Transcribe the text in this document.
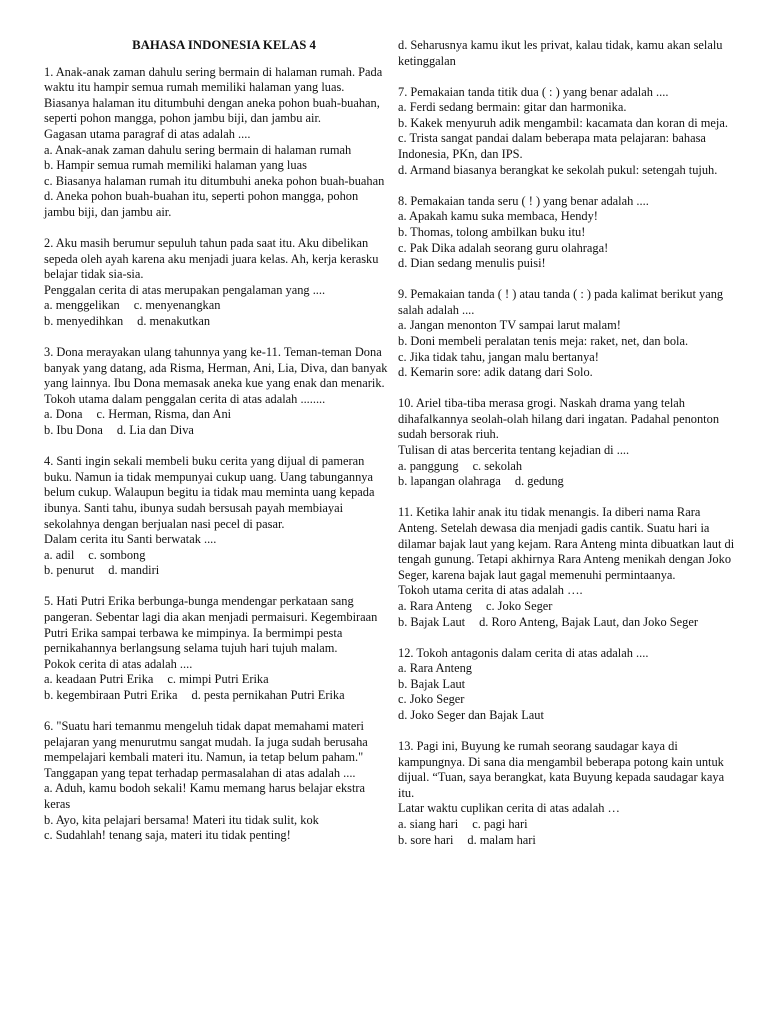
BAHASA INDONESIA KELAS 4
1. Anak-anak zaman dahulu sering bermain di halaman rumah. Pada waktu itu hampir semua rumah memiliki halaman yang luas. Biasanya halaman itu ditumbuhi dengan aneka pohon buah-buahan, seperti pohon mangga, pohon jambu biji, dan jambu air.
Gagasan utama paragraf di atas adalah ....
a. Anak-anak zaman dahulu sering bermain di halaman rumah
b. Hampir semua rumah memiliki halaman yang luas
c. Biasanya halaman rumah itu ditumbuhi aneka pohon buah-buahan
d. Aneka pohon buah-buahan itu, seperti pohon mangga, pohon jambu biji, dan jambu air.
2. Aku masih berumur sepuluh tahun pada saat itu. Aku dibelikan sepeda oleh ayah karena aku menjadi juara kelas. Ah, kerja kerasku belajar tidak sia-sia.
Penggalan cerita di atas merupakan pengalaman yang ....
a. menggelikan c. menyenangkan
b. menyedihkan d. menakutkan
3. Dona merayakan ulang tahunnya yang ke-11. Teman-teman Dona banyak yang datang, ada Risma, Herman, Ani, Lia, Diva, dan banyak yang lainnya. Ibu Dona memasak aneka kue yang enak dan menarik.
Tokoh utama dalam penggalan cerita di atas adalah ........
a. Dona c. Herman, Risma, dan Ani
b. Ibu Dona d. Lia dan Diva
4. Santi ingin sekali membeli buku cerita yang dijual di pameran buku. Namun ia tidak mempunyai cukup uang. Uang tabungannya belum cukup. Walaupun begitu ia tidak mau meminta uang kepada ibunya. Santi tahu, ibunya sudah bersusah payah membiayai sekolahnya dengan berjualan nasi pecel di pasar.
Dalam cerita itu Santi berwatak ....
a. adil c. sombong
b. penurut d. mandiri
5. Hati Putri Erika berbunga-bunga mendengar perkataan sang pangeran. Sebentar lagi dia akan menjadi permaisuri. Kegembiraan Putri Erika sampai terbawa ke mimpinya. Ia bermimpi pesta pernikahannya berlangsung selama tujuh hari tujuh malam.
Pokok cerita di atas adalah ....
a. keadaan Putri Erika c. mimpi Putri Erika
b. kegembiraan Putri Erika d. pesta pernikahan Putri Erika
6. "Suatu hari temanmu mengeluh tidak dapat memahami materi pelajaran yang menurutmu sangat mudah. Ia juga sudah berusaha mempelajari kembali materi itu. Namun, ia tetap belum paham."
Tanggapan yang tepat terhadap permasalahan di atas adalah ....
a. Aduh, kamu bodoh sekali! Kamu memang harus belajar ekstra keras
b. Ayo, kita pelajari bersama! Materi itu tidak sulit, kok
c. Sudahlah! tenang saja, materi itu tidak penting!
d. Seharusnya kamu ikut les privat, kalau tidak, kamu akan selalu ketinggalan
7. Pemakaian tanda titik dua ( : ) yang benar adalah ....
a. Ferdi sedang bermain: gitar dan harmonika.
b. Kakek menyuruh adik mengambil: kacamata dan koran di meja.
c. Trista sangat pandai dalam beberapa mata pelajaran: bahasa Indonesia, PKn, dan IPS.
d. Armand biasanya berangkat ke sekolah pukul: setengah tujuh.
8. Pemakaian tanda seru ( ! ) yang benar adalah ....
a. Apakah kamu suka membaca, Hendy!
b. Thomas, tolong ambilkan buku itu!
c. Pak Dika adalah seorang guru olahraga!
d. Dian sedang menulis puisi!
9. Pemakaian tanda ( ! ) atau tanda ( : ) pada kalimat berikut yang salah adalah ....
a. Jangan menonton TV sampai larut malam!
b. Doni membeli peralatan tenis meja: raket, net, dan bola.
c. Jika tidak tahu, jangan malu bertanya!
d. Kemarin sore: adik datang dari Solo.
10. Ariel tiba-tiba merasa grogi. Naskah drama yang telah dihafalkannya seolah-olah hilang dari ingatan. Padahal penonton sudah bersorak riuh.
Tulisan di atas bercerita tentang kejadian di ....
a. panggung c. sekolah
b. lapangan olahraga d. gedung
11. Ketika lahir anak itu tidak menangis. Ia diberi nama Rara Anteng. Setelah dewasa dia menjadi gadis cantik. Suatu hari ia dilamar bajak laut yang kejam. Rara Anteng minta dibuatkan laut di tengah gunung. Tetapi akhirnya Rara Anteng menikah dengan Joko Seger, karena bajak laut gagal memenuhi permintaanya.
Tokoh utama cerita di atas adalah ….
a. Rara Anteng c. Joko Seger
b. Bajak Laut d. Roro Anteng, Bajak Laut, dan Joko Seger
12. Tokoh antagonis dalam cerita di atas adalah ....
a. Rara Anteng
b. Bajak Laut
c. Joko Seger
d. Joko Seger dan Bajak Laut
13. Pagi ini, Buyung ke rumah seorang saudagar kaya di kampungnya. Di sana dia mengambil beberapa potong kain untuk dijual. “Tuan, saya berangkat, kata Buyung kepada saudagar kaya itu.
Latar waktu cuplikan cerita di atas adalah …
a. siang hari c. pagi hari
b. sore hari d. malam hari
